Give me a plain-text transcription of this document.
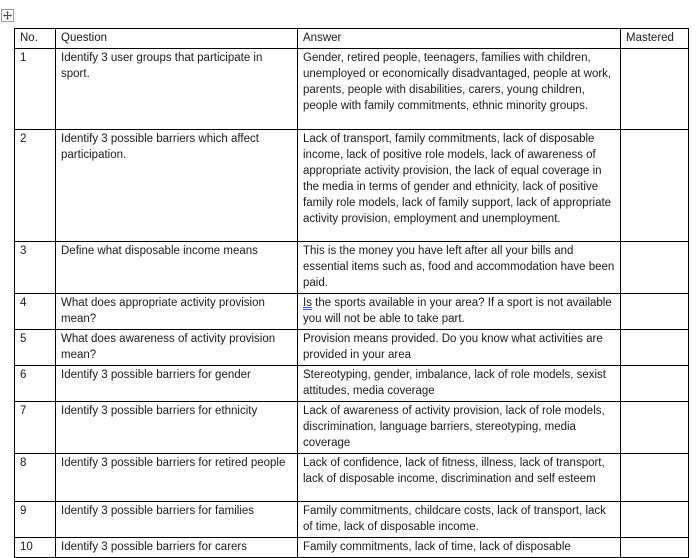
No.	Question	Answer	Mastered
1	Identify 3 user groups that participate in sport.	Gender, retired people, teenagers, families with children, unemployed or economically disadvantaged, people at work, parents, people with disabilities, carers, young children, people with family commitments, ethnic minority groups.	
2	Identify 3 possible barriers which affect participation.	Lack of transport, family commitments, lack of disposable income, lack of positive role models, lack of awareness of appropriate activity provision, the lack of equal coverage in the media in terms of gender and ethnicity, lack of positive family role models, lack of family support, lack of appropriate activity provision, employment and unemployment.	
3	Define what disposable income means	This is the money you have left after all your bills and essential items such as, food and accommodation have been paid.	
4	What does appropriate activity provision mean?	Is the sports available in your area? If a sport is not available you will not be able to take part.	
5	What does awareness of activity provision mean?	Provision means provided. Do you know what activities are provided in your area	
6	Identify 3 possible barriers for gender	Stereotyping, gender, imbalance, lack of role models, sexist attitudes, media coverage	
7	Identify 3 possible barriers for ethnicity	Lack of awareness of activity provision, lack of role models, discrimination, language barriers, stereotyping, media coverage	
8	Identify 3 possible barriers for retired people	Lack of confidence, lack of fitness, illness, lack of transport, lack of disposable income, discrimination and self esteem	
9	Identify 3 possible barriers for families	Family commitments, childcare costs, lack of transport, lack of time, lack of disposable income.	
10	Identify 3 possible barriers for carers	Family commitments, lack of time, lack of disposable	
